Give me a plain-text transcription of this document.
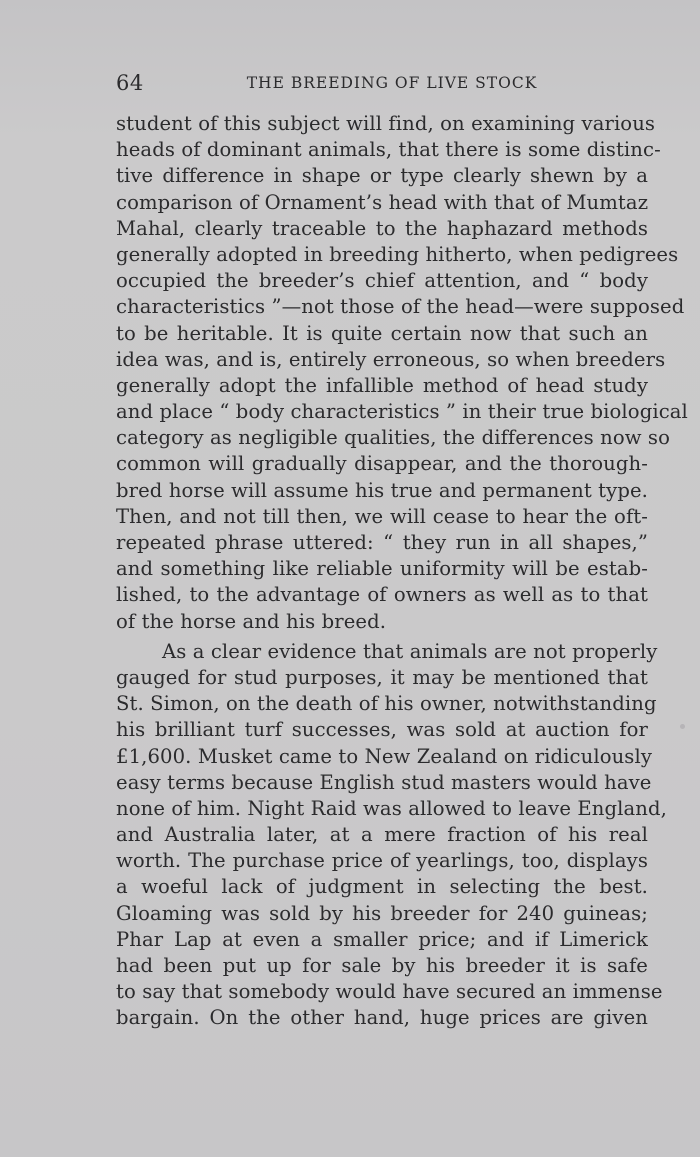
64	THE BREEDING OF LIVE STOCK
student of this subject will find, on examining various
heads of dominant animals, that there is some distinc-
tive difference in shape or type clearly shewn by a
comparison of Ornament’s head with that of Mumtaz
Mahal, clearly traceable to the haphazard methods
generally adopted in breeding hitherto, when pedigrees
occupied the breeder’s chief attention, and “ body
characteristics ”—not those of the head—were supposed
to be heritable. It is quite certain now that such an
idea was, and is, entirely erroneous, so when breeders
generally adopt the infallible method of head study
and place “ body characteristics ” in their true biological
category as negligible qualities, the differences now so
common will gradually disappear, and the thorough-
bred horse will assume his true and permanent type.
Then, and not till then, we will cease to hear the oft-
repeated phrase uttered: “ they run in all shapes,”
and something like reliable uniformity will be estab-
lished, to the advantage of owners as well as to that
of the horse and his breed.
As a clear evidence that animals are not properly
gauged for stud purposes, it may be mentioned that
St. Simon, on the death of his owner, notwithstanding
his brilliant turf successes, was sold at auction for
£1,600. Musket came to New Zealand on ridiculously
easy terms because English stud masters would have
none of him. Night Raid was allowed to leave England,
and Australia later, at a mere fraction of his real
worth. The purchase price of yearlings, too, displays
a woeful lack of judgment in selecting the best.
Gloaming was sold by his breeder for 240 guineas;
Phar Lap at even a smaller price; and if Limerick
had been put up for sale by his breeder it is safe
to say that somebody would have secured an immense
bargain. On the other hand, huge prices are given
